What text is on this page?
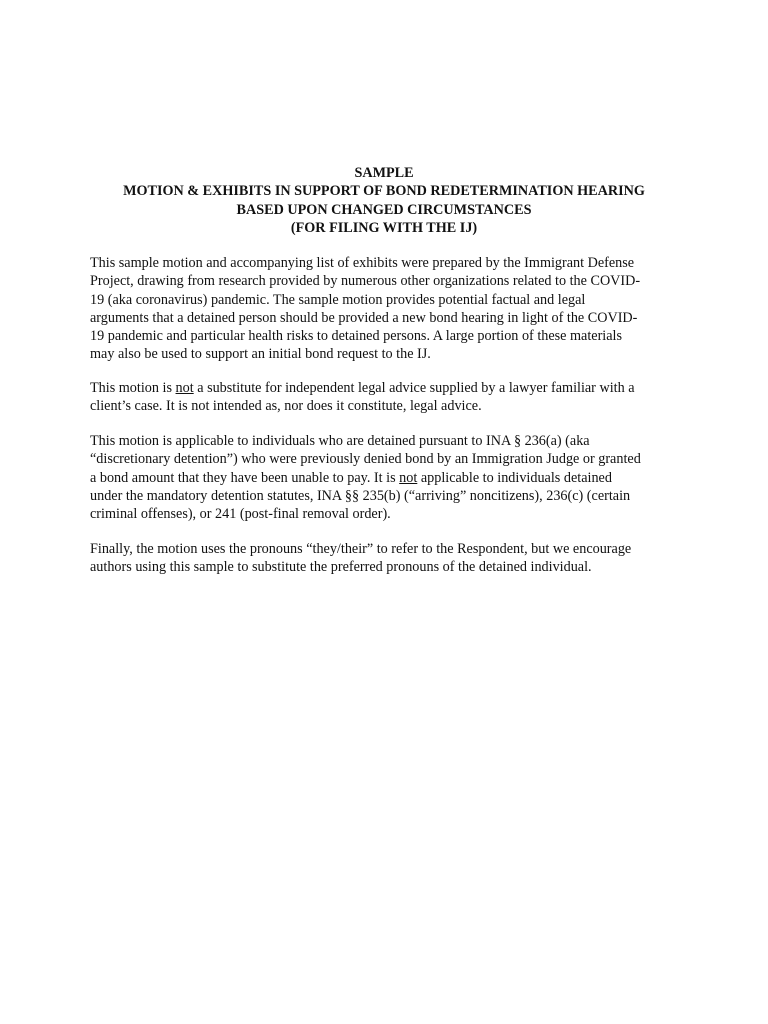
SAMPLE
MOTION & EXHIBITS IN SUPPORT OF BOND REDETERMINATION HEARING
BASED UPON CHANGED CIRCUMSTANCES
(FOR FILING WITH THE IJ)
This sample motion and accompanying list of exhibits were prepared by the Immigrant Defense
Project, drawing from research provided by numerous other organizations related to the COVID-
19 (aka coronavirus) pandemic. The sample motion provides potential factual and legal
arguments that a detained person should be provided a new bond hearing in light of the COVID-
19 pandemic and particular health risks to detained persons. A large portion of these materials
may also be used to support an initial bond request to the IJ.
This motion is not a substitute for independent legal advice supplied by a lawyer familiar with a
client’s case. It is not intended as, nor does it constitute, legal advice.
This motion is applicable to individuals who are detained pursuant to INA § 236(a) (aka
“discretionary detention”) who were previously denied bond by an Immigration Judge or granted
a bond amount that they have been unable to pay. It is not applicable to individuals detained
under the mandatory detention statutes, INA §§ 235(b) (“arriving” noncitizens), 236(c) (certain
criminal offenses), or 241 (post-final removal order).
Finally, the motion uses the pronouns “they/their” to refer to the Respondent, but we encourage
authors using this sample to substitute the preferred pronouns of the detained individual.
